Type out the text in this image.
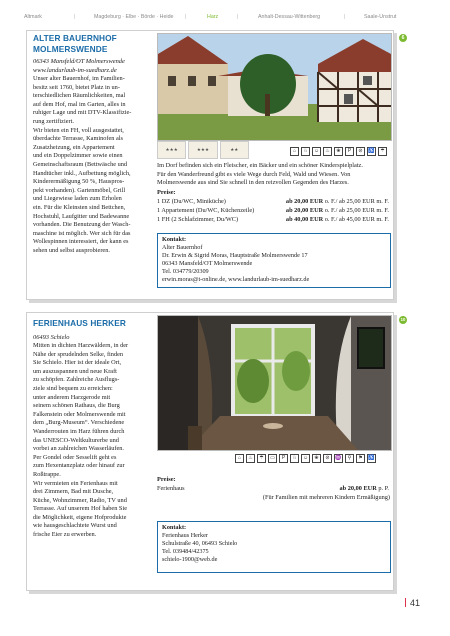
Altmark	|	Magdeburg · Elbe · Börde · Heide |	Harz	|	Anhalt-Dessau-Wittenberg	|	Saale-Unstrut
6
ALTER BAUERNHOF
MOLMERSWENDE
06343 Mansfeld/OT Molmerswende
www.landurlaub-im-suedharz.de
Unser alter Bauernhof, im Familien-
besitz seit 1760, bietet Platz in un-
terschiedlichen Räumlichkeiten, mal
auf dem Hof, mal im Garten, alles in
ruhiger Lage und mit DTV-Klassifizie-
rung zertifiziert.
Wir bieten ein FH, voll ausgestattet,
überdachte Terrasse, Kaminofen als
Zusatzheizung, ein Appartement
und ein Doppelzimmer sowie einen
Gemeinschaftsraum (Bettwäsche und
Handtücher inkl., Aufbettung möglich,
Kinderermäßigung 50 %, Hauspros-
pekt vorhanden). Gartenmöbel, Grill
und Liegewiese laden zum Erholen
ein. Für die Kleinsten sind Bettchen,
Hochstuhl, Laufgitter und Badewanne
vorhanden. Die Benutzung der Wasch-
maschine ist möglich. Wer sich für das
Wollespinnen interessiert, der kann es
sehen und selbst ausprobieren.
★★★	★★★	★★	⌂	♘	☺	♨	❀	P	⊘	♿	☂
Im Dorf befinden sich ein Fleischer, ein Bäcker und ein schöner Kinderspielplatz.
Für den Wanderfreund gibt es viele Wege durch Feld, Wald und Wiesen. Von
Molmerswende aus sind Sie schnell in den reizvollen Gegenden des Harzes.
Preise:
1 DZ (Du/WC, Miniküche)	ab 20,00 EUR o. F./ ab 25,00 EUR m. F.
1 Appartement (Du/WC, Küchenzeile)	ab 20,00 EUR o. F./ ab 25,00 EUR m. F.
1 FH (2 Schlafzimmer, Du/WC)	ab 40,00 EUR o. F./ ab 45,00 EUR m. F.
Kontakt:
Alter Bauernhof
Dr. Erwin & Sigrid Moras, Hauptstraße Molmerswende 17
06343 Mansfeld/OT Molmerswende
Tel. 034779/20309
erwin.moras@t-online.de, www.landurlaub-im-suedharz.de
10
FERIENHAUS HERKER
06493 Schielo
Mitten in dichten Harzwäldern, in der
Nähe der sprudelnden Selke, finden
Sie Schielo. Hier ist der ideale Ort,
um auszuspannen und neue Kraft
zu schöpfen. Zahlreiche Ausflugs-
ziele sind bequem zu erreichen:
unter anderem Harzgerode mit
seinem schönen Rathaus, die Burg
Falkenstein oder Molmerswende mit
dem „Burg-Museum“. Verschiedene
Wanderrouten im Harz führen durch
das UNESCO-Weltkulturerbe und
vorbei an zahlreichen Wasserläufen.
Per Gondel oder Sesselift geht es
zum Hexentanzplatz oder hinauf zur
Roßtrappe.
Wir vermieten ein Ferienhaus mit
drei Zimmern, Bad mit Dusche,
Küche, Wohnzimmer, Radio, TV und
Terrasse. Auf unserem Hof haben Sie
die Möglichkeit, eigene Hofprodukte
wie hausgeschlachtete Wurst und
frische Eier zu erwerben.
⌂	♨	☂	▭	P	♘	☺	❀	⊘	♒	⚲	⚑	♿
Preise:
Ferienhaus	ab 20,00 EUR p. P.
(Für Familien mit mehreren Kindern Ermäßigung)
Kontakt:
Ferienhaus Herker
Schulstraße 40, 06493 Schielo
Tel. 039484/42375
schielo-1900@web.de
41
